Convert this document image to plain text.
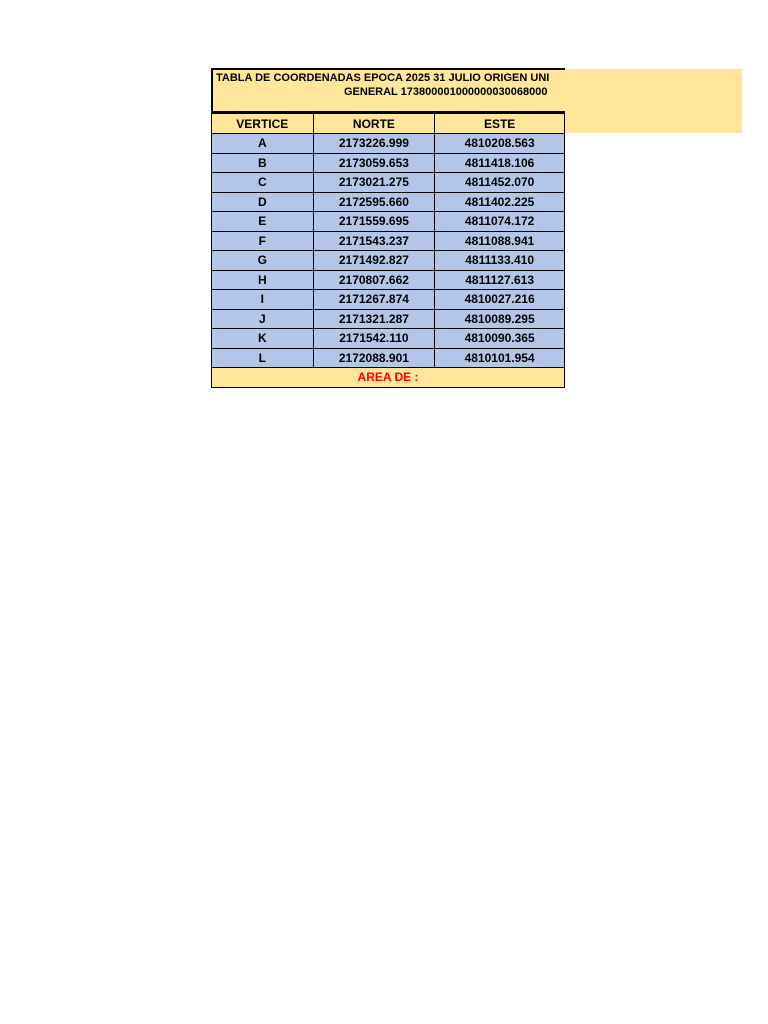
TABLA DE COORDENADAS EPOCA 2025 31 JULIO ORIGEN UNI
GENERAL 173800001000000030068000
VERTICE	NORTE	ESTE
A	2173226.999	4810208.563
B	2173059.653	4811418.106
C	2173021.275	4811452.070
D	2172595.660	4811402.225
E	2171559.695	4811074.172
F	2171543.237	4811088.941
G	2171492.827	4811133.410
H	2170807.662	4811127.613
I	2171267.874	4810027.216
J	2171321.287	4810089.295
K	2171542.110	4810090.365
L	2172088.901	4810101.954
AREA DE :		
